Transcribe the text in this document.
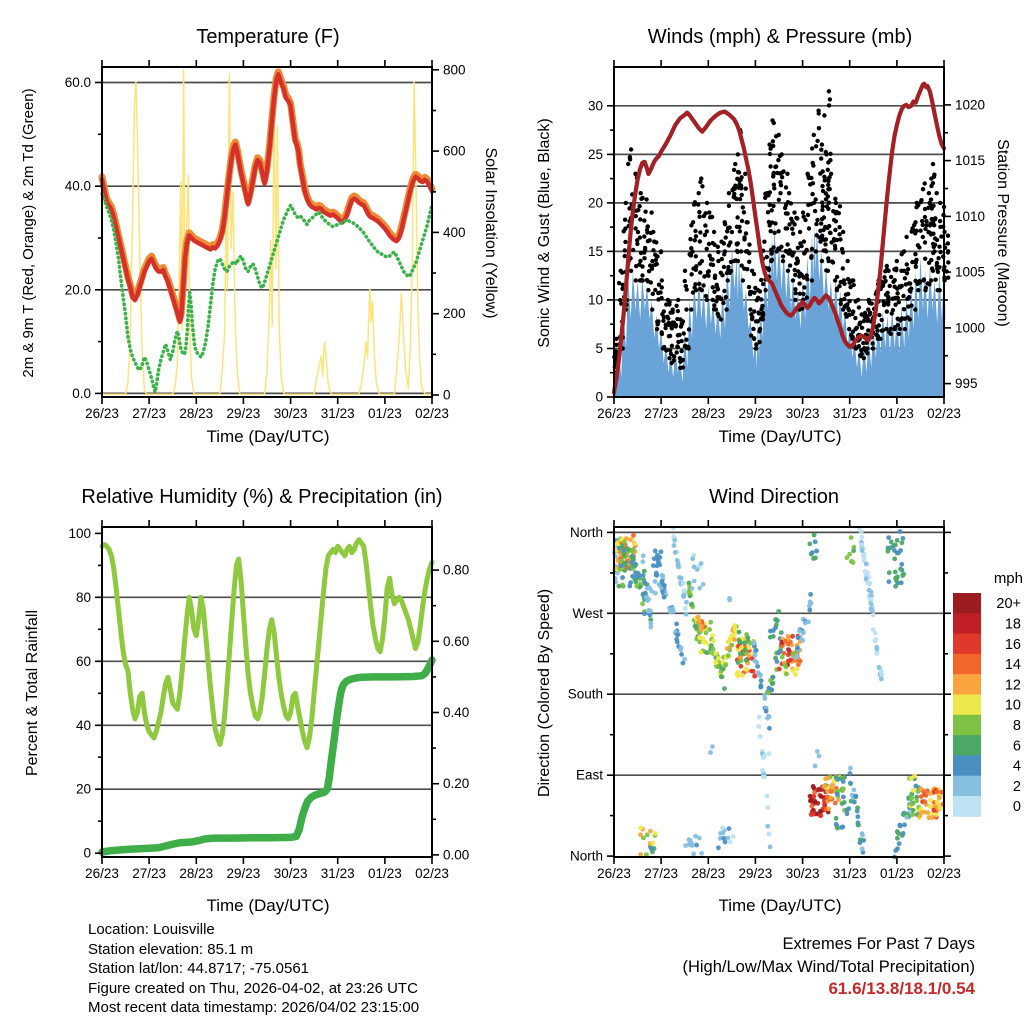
26/23 27/23 28/23 29/23 30/23 31/23 01/23 02/23
0.0
20.0
40.0
60.0
0
200
400
600
800
26/23 27/23 28/23 29/23 30/23 31/23 01/23 02/23
0
5
10
15
20
25
30
995
1000
1005
1010
1015
1020
26/23 27/23 28/23 29/23 30/23 31/23 01/23 02/23
0
20
40
60
80
100
0.00
0.20
0.40
0.60
0.80
26/23 27/23 28/23 29/23 30/23 31/23 01/23 02/23
North
West
South
East
North
20+
18
16
14
12
10
8
6
4
2
0
mph
Temperature (F)	Winds (mph) & Pressure (mb)
Relative Humidity (%) & Precipitation (in)	Wind Direction
Time (Day/UTC)	Time (Day/UTC)
Time (Day/UTC)	Time (Day/UTC)
2m & 9m T (Red, Orange) & 2m Td (Green)	Solar Insolation (Yellow) Sonic Wind & Gust (Blue, Black)	Station Pressure (Maroon)
Percent & Total Rainfall	Direction (Colored By Speed)
Location: Louisville
Station elevation: 85.1 m
Station lat/lon: 44.8717; -75.0561
Figure created on Thu, 2026-04-02, at 23:26 UTC
Most recent data timestamp: 2026/04/02 23:15:00
Extremes For Past 7 Days
(High/Low/Max Wind/Total Precipitation)
61.6/13.8/18.1/0.54
